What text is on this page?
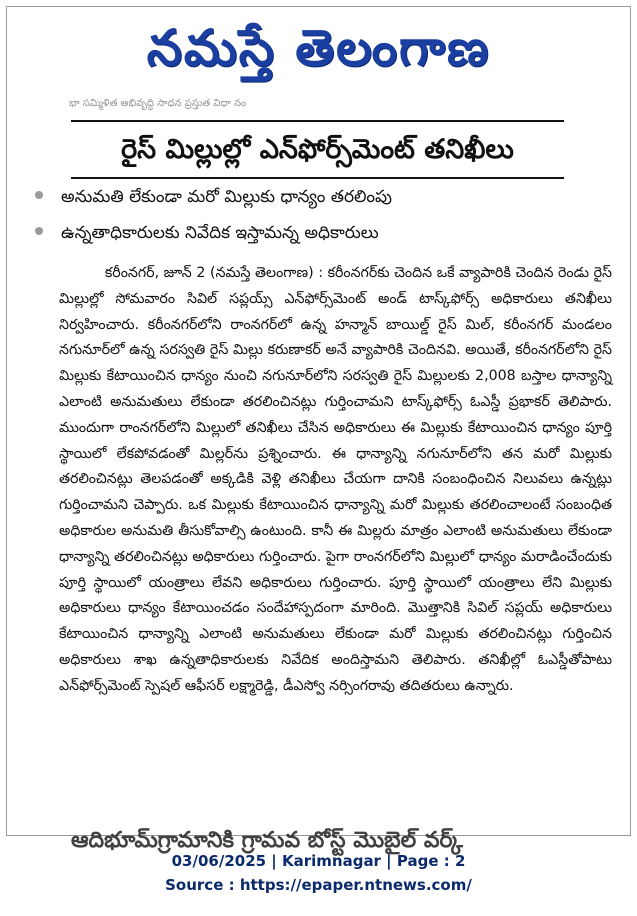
నమస్తే తెలంగాణ
భా సమ్మిళిత అభివృద్ధి సాధన ప్రస్తుత విధా నం
రైస్ మిల్లుల్లో ఎన్‌ఫోర్స్‌మెంట్ తనిఖీలు
అనుమతి లేకుండా మరో మిల్లుకు ధాన్యం తరలింపు
ఉన్నతాధికారులకు నివేదిక ఇస్తామన్న అధికారులు
కరీంనగర్, జూన్ 2 (నమస్తే తెలంగాణ) : కరీంనగర్‌కు చెందిన ఒకే వ్యాపారికి చెందిన రెండు రైస్ మిల్లుల్లో సోమవారం సివిల్ సప్లయ్స్ ఎన్‌ఫోర్స్‌మెంట్ అండ్ టాస్క్‌ఫోర్స్ అధికారులు తనిఖీలు నిర్వహించారు. కరీంనగర్‌లోని రాంనగర్‌లో ఉన్న హన్మాన్ బాయిల్డ్ రైస్ మిల్, కరీంనగర్ మండలం నగునూర్‌లో ఉన్న సరస్వతి రైస్ మిల్లు కరుణాకర్ అనే వ్యాపారికి చెందినవి. అయితే, కరీంనగర్‌లోని రైస్ మిల్లుకు కేటాయించిన ధాన్యం నుంచి నగునూర్‌లోని సరస్వతి రైస్ మిల్లులకు 2,008 బస్తాల ధాన్యాన్ని ఎలాంటి అనుమతులు లేకుండా తరలించినట్లు గుర్తించామని టాస్క్‌ఫోర్స్ ఓఎస్డీ ప్రభాకర్ తెలిపారు. ముందుగా రాంనగర్‌లోని మిల్లులో తనిఖీలు చేసిన అధికారులు ఈ మిల్లుకు కేటాయించిన ధాన్యం పూర్తి స్థాయిలో లేకపోవడంతో మిల్లర్‌ను ప్రశ్నించారు. ఈ ధాన్యాన్ని నగునూర్‌లోని తన మరో మిల్లుకు తరలించినట్లు తెలపడంతో అక్కడికి వెళ్లి తనిఖీలు చేయగా దానికి సంబంధించిన నిలువలు ఉన్నట్లు గుర్తించామని చెప్పారు. ఒక మిల్లుకు కేటాయించిన ధాన్యాన్ని మరో మిల్లుకు తరలించాలంటే సంబంధిత అధికారుల అనుమతి తీసుకోవాల్సి ఉంటుంది. కానీ ఈ మిల్లరు మాత్రం ఎలాంటి అనుమతులు లేకుండా ధాన్యాన్ని తరలించినట్లు అధికారులు గుర్తించారు. పైగా రాంనగర్‌లోని మిల్లులో ధాన్యం మరాడించేందుకు పూర్తి స్థాయిలో యంత్రాలు లేవని అధికారులు గుర్తించారు. పూర్తి స్థాయిలో యంత్రాలు లేని మిల్లుకు అధికారులు ధాన్యం కేటాయించడం సందేహాస్పదంగా మారింది. మొత్తానికి సివిల్ సప్లయ్ అధికారులు కేటాయించిన ధాన్యాన్ని ఎలాంటి అనుమతులు లేకుండా మరో మిల్లుకు తరలించినట్లు గుర్తించిన అధికారులు శాఖ ఉన్నతాధికారులకు నివేదిక అందిస్తామని తెలిపారు. తనిఖీల్లో ఓఎస్డీతోపాటు ఎన్‌ఫోర్స్‌మెంట్ స్పెషల్ ఆఫీసర్ లక్ష్మారెడ్డి, డీఎస్వో నర్సింగరావు తదితరులు ఉన్నారు.
ఆదిభూమ్‌గ్రామానికి గ్రామవ బోస్ట్ మొబైల్ వర్క్
03/06/2025 | Karimnagar | Page : 2
Source : https://epaper.ntnews.com/
